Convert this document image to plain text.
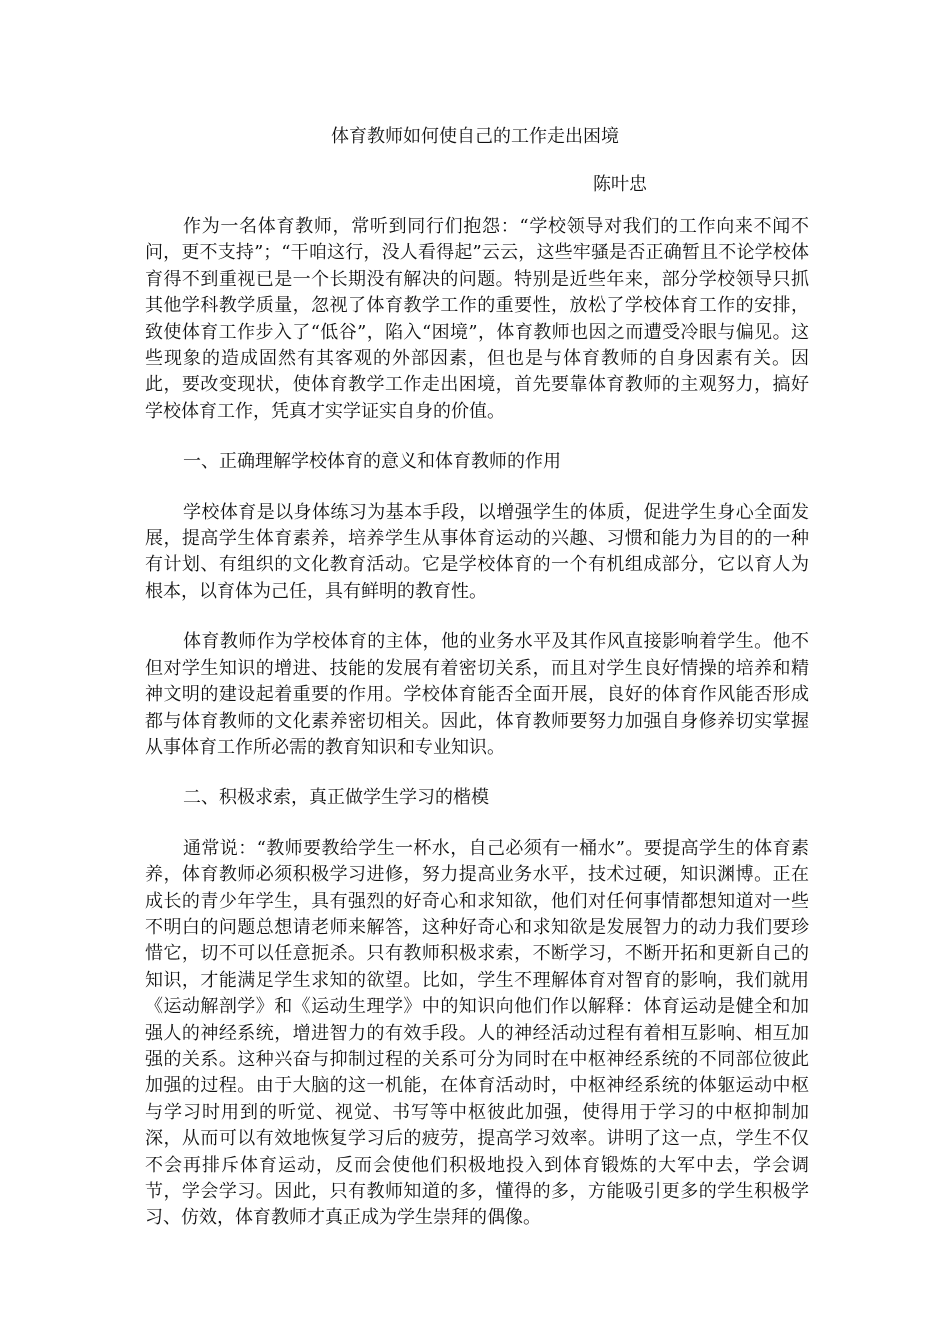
体育教师如何使自己的工作走出困境
陈叶忠

作为一名体育教师，常听到同行们抱怨：“学校领导对我们的工作向来不闻不问，更不支持”；“干咱这行，没人看得起”云云，这些牢骚是否正确暂且不论学校体育得不到重视已是一个长期没有解决的问题。特别是近些年来，部分学校领导只抓其他学科教学质量，忽视了体育教学工作的重要性，放松了学校体育工作的安排，致使体育工作步入了“低谷”，陷入“困境”，体育教师也因之而遭受冷眼与偏见。这些现象的造成固然有其客观的外部因素，但也是与体育教师的自身因素有关。因此，要改变现状，使体育教学工作走出困境，首先要靠体育教师的主观努力，搞好学校体育工作，凭真才实学证实自身的价值。

一、正确理解学校体育的意义和体育教师的作用

学校体育是以身体练习为基本手段，以增强学生的体质，促进学生身心全面发展，提高学生体育素养，培养学生从事体育运动的兴趣、习惯和能力为目的的一种有计划、有组织的文化教育活动。它是学校体育的一个有机组成部分，它以育人为根本，以育体为己任，具有鲜明的教育性。

体育教师作为学校体育的主体，他的业务水平及其作风直接影响着学生。他不但对学生知识的增进、技能的发展有着密切关系，而且对学生良好情操的培养和精神文明的建设起着重要的作用。学校体育能否全面开展，良好的体育作风能否形成都与体育教师的文化素养密切相关。因此，体育教师要努力加强自身修养切实掌握从事体育工作所必需的教育知识和专业知识。

二、积极求索，真正做学生学习的楷模

通常说：“教师要教给学生一杯水，自己必须有一桶水”。要提高学生的体育素养，体育教师必须积极学习进修，努力提高业务水平，技术过硬，知识渊博。正在成长的青少年学生，具有强烈的好奇心和求知欲，他们对任何事情都想知道对一些不明白的问题总想请老师来解答，这种好奇心和求知欲是发展智力的动力我们要珍惜它，切不可以任意扼杀。只有教师积极求索，不断学习，不断开拓和更新自己的知识，才能满足学生求知的欲望。比如，学生不理解体育对智育的影响，我们就用《运动解剖学》和《运动生理学》中的知识向他们作以解释：体育运动是健全和加强人的神经系统，增进智力的有效手段。人的神经活动过程有着相互影响、相互加强的关系。这种兴奋与抑制过程的关系可分为同时在中枢神经系统的不同部位彼此加强的过程。由于大脑的这一机能，在体育活动时，中枢神经系统的体躯运动中枢与学习时用到的听觉、视觉、书写等中枢彼此加强，使得用于学习的中枢抑制加深，从而可以有效地恢复学习后的疲劳，提高学习效率。讲明了这一点，学生不仅不会再排斥体育运动，反而会使他们积极地投入到体育锻炼的大军中去，学会调节，学会学习。因此，只有教师知道的多，懂得的多，方能吸引更多的学生积极学习、仿效，体育教师才真正成为学生崇拜的偶像。
